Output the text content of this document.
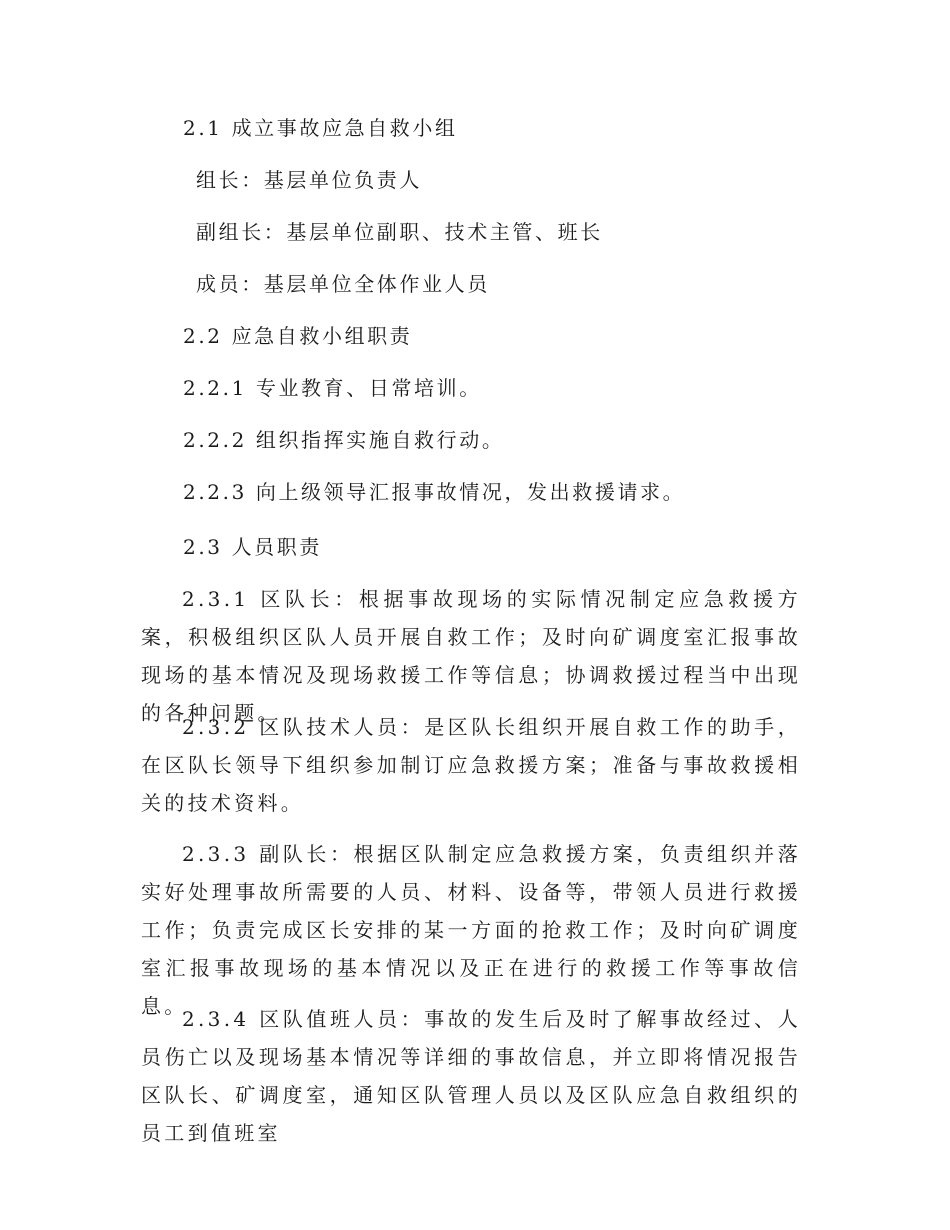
2.1 成立事故应急自救小组
组长：基层单位负责人
副组长：基层单位副职、技术主管、班长
成员：基层单位全体作业人员
2.2 应急自救小组职责
2.2.1 专业教育、日常培训。
2.2.2 组织指挥实施自救行动。
2.2.3 向上级领导汇报事故情况，发出救援请求。
2.3 人员职责
2.3.1 区队长：根据事故现场的实际情况制定应急救援方案，积极组织区队人员开展自救工作；及时向矿调度室汇报事故现场的基本情况及现场救援工作等信息；协调救援过程当中出现的各种问题。
2.3.2 区队技术人员：是区队长组织开展自救工作的助手，在区队长领导下组织参加制订应急救援方案；准备与事故救援相关的技术资料。
2.3.3 副队长：根据区队制定应急救援方案，负责组织并落实好处理事故所需要的人员、材料、设备等，带领人员进行救援工作；负责完成区长安排的某一方面的抢救工作；及时向矿调度室汇报事故现场的基本情况以及正在进行的救援工作等事故信息。
2.3.4 区队值班人员：事故的发生后及时了解事故经过、人员伤亡以及现场基本情况等详细的事故信息，并立即将情况报告区队长、矿调度室，通知区队管理人员以及区队应急自救组织的员工到值班室
